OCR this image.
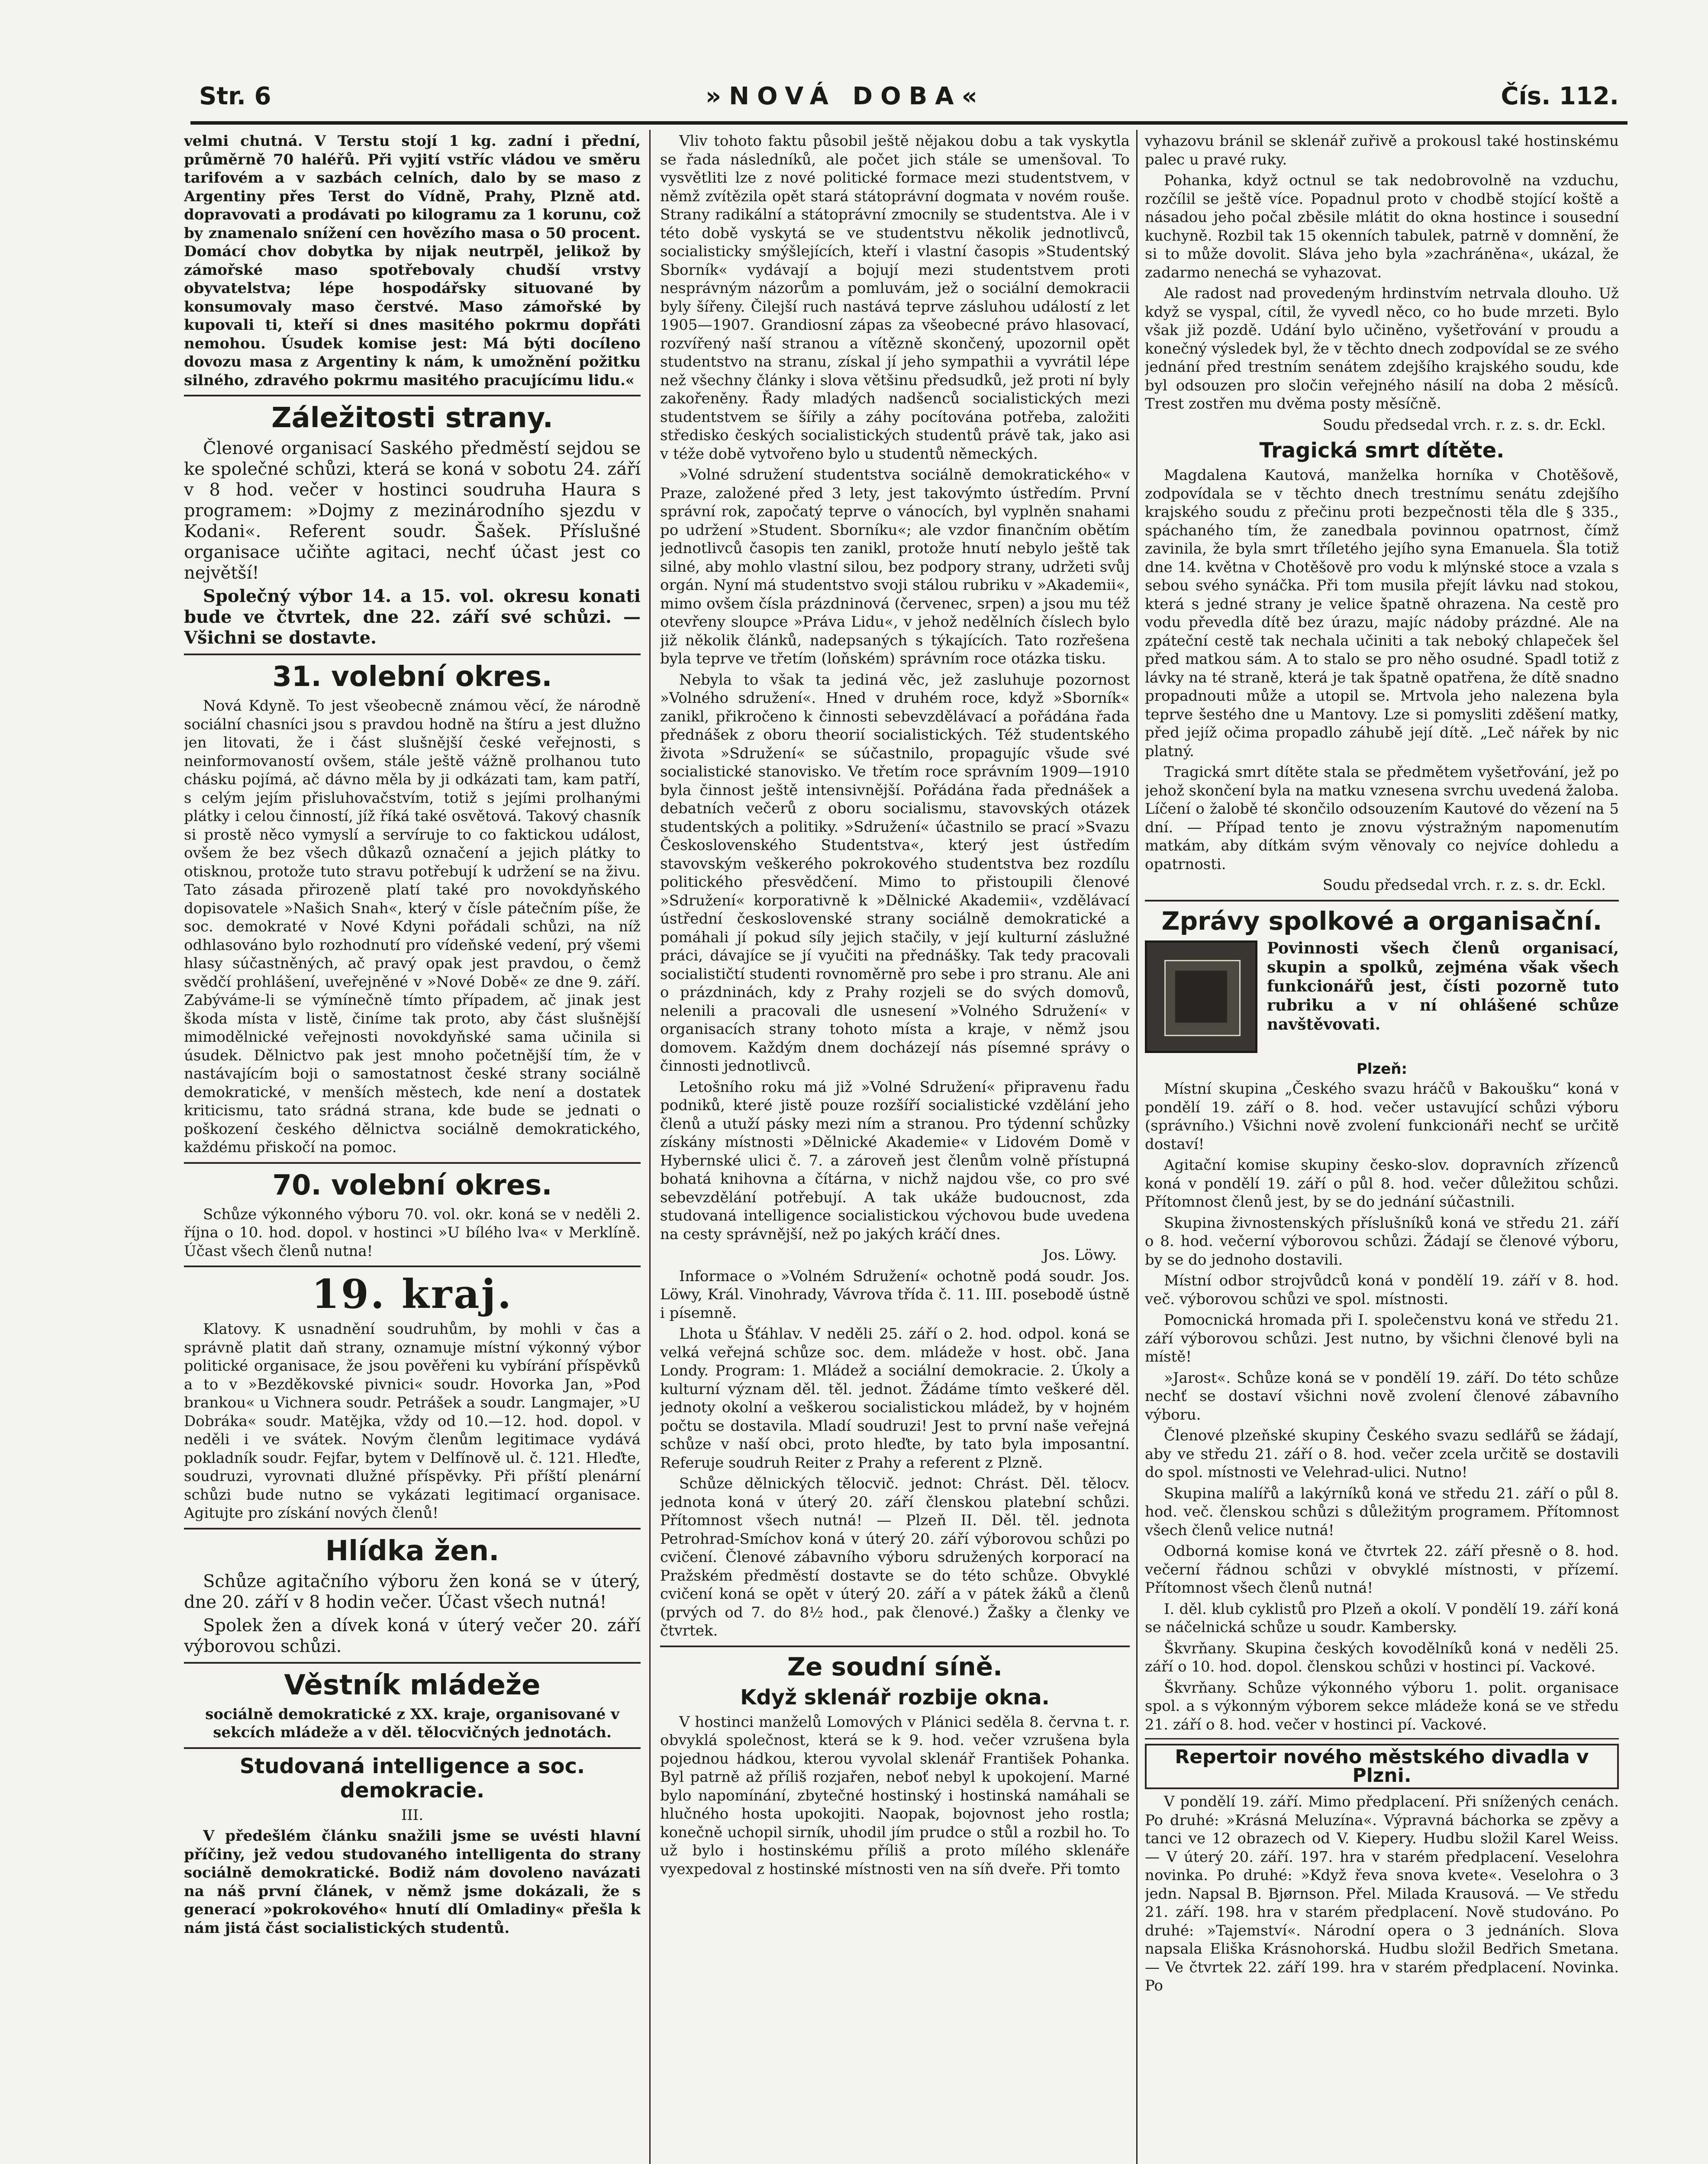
Str. 6	»NOVÁ DOBA«	Čís. 112.

velmi chutná. V Terstu stojí 1 kg. zadní i přední, průměrně 70 haléřů. Při vyjití vstříc vládou ve směru tarifovém a v sazbách celních, dalo by se maso z Argentiny přes Terst do Vídně, Prahy, Plzně atd. dopravovati a prodávati po kilogramu za 1 korunu, což by znamenalo snížení cen hovězího masa o 50 procent. Domácí chov dobytka by nijak neutrpěl, jelikož by zámořské maso spotřebovaly chudší vrstvy obyvatelstva; lépe hospodářsky situované by konsumovaly maso čerstvé. Maso zámořské by kupovali ti, kteří si dnes masitého pokrmu dopřáti nemohou. Úsudek komise jest: Má býti docíleno dovozu masa z Argentiny k nám, k umožnění požitku silného, zdravého pokrmu masitého pracujícímu lidu.«

Záležitosti strany.

Členové organisací Saského předměstí sejdou se ke společné schůzi, která se koná v sobotu 24. září v 8 hod. večer v hostinci soudruha Haura s programem: »Dojmy z mezinárodního sjezdu v Kodani«. Referent soudr. Šašek. Příslušné organisace učiňte agitaci, nechť účast jest co největší!

Společný výbor 14. a 15. vol. okresu konati bude ve čtvrtek, dne 22. září své schůzi. — Všichni se dostavte.

31. volební okres.

Nová Kdyně. To jest všeobecně známou věcí, že národně sociální chasníci jsou s pravdou hodně na štíru a jest dlužno jen litovati, že i část slušnější české veřejnosti, s neinformovaností ovšem, stále ještě vážně prolhanou tuto chásku pojímá, ač dávno měla by ji odkázati tam, kam patří, s celým jejím přisluhovačstvím, totiž s jejími prolhanými plátky i celou činností, jíž říká také osvětová. Takový chasník si prostě něco vymyslí a servíruje to co faktickou událost, ovšem že bez všech důkazů označení a jejich plátky to otisknou, protože tuto stravu potřebují k udržení se na živu. Tato zásada přirozeně platí také pro novokdyňského dopisovatele »Našich Snah«, který v čísle pátečním píše, že soc. demokraté v Nové Kdyni pořádali schůzi, na níž odhlasováno bylo rozhodnutí pro vídeňské vedení, prý všemi hlasy súčastněných, ač pravý opak jest pravdou, o čemž svědčí prohlášení, uveřejněné v »Nové Době« ze dne 9. září. Zabýváme-li se výmínečně tímto případem, ač jinak jest škoda místa v listě, činíme tak proto, aby část slušnější mimodělnické veřejnosti novokdyňské sama učinila si úsudek. Dělnictvo pak jest mnoho početnější tím, že v nastávajícím boji o samostatnost české strany sociálně demokratické, v menších městech, kde není a dostatek kriticismu, tato srádná strana, kde bude se jednati o poškození českého dělnictva sociálně demokratického, každému přiskočí na pomoc.

70. volební okres.

Schůze výkonného výboru 70. vol. okr. koná se v neděli 2. října o 10. hod. dopol. v hostinci »U bílého lva« v Merklíně. Účast všech členů nutna!

19. kraj.

Klatovy. K usnadnění soudruhům, by mohli v čas a správně platit daň strany, oznamuje místní výkonný výbor politické organisace, že jsou pověřeni ku vybírání příspěvků a to v »Bezděkovské pivnici« soudr. Hovorka Jan, »Pod brankou« u Vichnera soudr. Petrášek a soudr. Langmajer, »U Dobráka« soudr. Matějka, vždy od 10.—12. hod. dopol. v neděli i ve svátek. Novým členům legitimace vydává pokladník soudr. Fejfar, bytem v Delfínově ul. č. 121. Hleďte, soudruzi, vyrovnati dlužné příspěvky. Při příští plenární schůzi bude nutno se vykázati legitimací organisace. Agitujte pro získání nových členů!

Hlídka žen.

Schůze agitačního výboru žen koná se v úterý, dne 20. září v 8 hodin večer. Účast všech nutná!

Spolek žen a dívek koná v úterý večer 20. září výborovou schůzi.

Věstník mládeže

sociálně demokratické z XX. kraje, organisované v sekcích mládeže a v děl. tělocvičných jednotách.

Studovaná intelligence a soc. demokracie.

III.

V předešlém článku snažili jsme se uvésti hlavní příčiny, jež vedou studovaného intelligenta do strany sociálně demokratické. Bodiž nám dovoleno navázati na náš první článek, v němž jsme dokázali, že s generací »pokrokového« hnutí dlí Omladiny« přešla k nám jistá část socialistických studentů.

Vliv tohoto faktu působil ještě nějakou dobu a tak vyskytla se řada následníků, ale počet jich stále se umenšoval. To vysvětliti lze z nové politické formace mezi studentstvem, v němž zvítězila opět stará státoprávní dogmata v novém rouše. Strany radikální a státoprávní zmocnily se studentstva. Ale i v této době vyskytá se ve studentstvu několik jednotlivců, socialisticky smýšlejících, kteří i vlastní časopis »Studentský Sborník« vydávají a bojují mezi studentstvem proti nesprávným názorům a pomluvám, jež o sociální demokracii byly šířeny. Čilejší ruch nastává teprve zásluhou událostí z let 1905—1907. Grandiosní zápas za všeobecné právo hlasovací, rozvířený naší stranou a vítězně skončený, upozornil opět studentstvo na stranu, získal jí jeho sympathii a vyvrátil lépe než všechny články i slova většinu předsudků, jež proti ní byly zakořeněny. Řady mladých nadšenců socialistických mezi studentstvem se šířily a záhy pocítována potřeba, založiti středisko českých socialistických studentů právě tak, jako asi v téže době vytvořeno bylo u studentů německých.

»Volné sdružení studentstva sociálně demokratického« v Praze, založené před 3 lety, jest takovýmto ústředím. První správní rok, započatý teprve o vánocích, byl vyplněn snahami po udržení »Student. Sborníku«; ale vzdor finančním obětím jednotlivců časopis ten zanikl, protože hnutí nebylo ještě tak silné, aby mohlo vlastní silou, bez podpory strany, udržeti svůj orgán. Nyní má studentstvo svoji stálou rubriku v »Akademii«, mimo ovšem čísla prázdninová (červenec, srpen) a jsou mu též otevřeny sloupce »Práva Lidu«, v jehož nedělních číslech bylo již několik článků, nadepsaných s týkajících. Tato rozřešena byla teprve ve třetím (loňském) správním roce otázka tisku.

Nebyla to však ta jediná věc, jež zasluhuje pozornost »Volného sdružení«. Hned v druhém roce, když »Sborník« zanikl, přikročeno k činnosti sebevzdělávací a pořádána řada přednášek z oboru theorií socialistických. Též studentského života »Sdružení« se súčastnilo, propagujíc všude své socialistické stanovisko. Ve třetím roce správním 1909—1910 byla činnost ještě intensivnější. Pořádána řada přednášek a debatních večerů z oboru socialismu, stavovských otázek studentských a politiky. »Sdružení« účastnilo se prací »Svazu Československého Studentstva«, který jest ústředím stavovským veškerého pokrokového studentstva bez rozdílu politického přesvědčení. Mimo to přistoupili členové »Sdružení« korporativně k »Dělnické Akademii«, vzdělávací ústřední československé strany sociálně demokratické a pomáhali jí pokud síly jejich stačily, v její kulturní záslužné práci, dávajíce se jí vyučiti na přednášky. Tak tedy pracovali socialističtí studenti rovnoměrně pro sebe i pro stranu. Ale ani o prázdninách, kdy z Prahy rozjeli se do svých domovů, nelenili a pracovali dle usnesení »Volného Sdružení« v organisacích strany tohoto místa a kraje, v němž jsou domovem. Každým dnem docházejí nás písemné správy o činnosti jednotlivců.

Letošního roku má již »Volné Sdružení« připravenu řadu podniků, které jistě pouze rozšíří socialistické vzdělání jeho členů a utuží pásky mezi ním a stranou. Pro týdenní schůzky získány místnosti »Dělnické Akademie« v Lidovém Domě v Hybernské ulici č. 7. a zároveň jest členům volně přístupná bohatá knihovna a čítárna, v nichž najdou vše, co pro své sebevzdělání potřebují. A tak ukáže budoucnost, zda studovaná intelligence socialistickou výchovou bude uvedena na cesty správnější, než po jakých kráčí dnes.

Jos. Löwy.

Informace o »Volném Sdružení« ochotně podá soudr. Jos. Löwy, Král. Vinohrady, Vávrova třída č. 11. III. posebodě ústně i písemně.

Lhota u Šťáhlav. V neděli 25. září o 2. hod. odpol. koná se velká veřejná schůze soc. dem. mládeže v host. obč. Jana Londy. Program: 1. Mládež a sociální demokracie. 2. Úkoly a kulturní význam děl. těl. jednot. Žádáme tímto veškeré děl. jednoty okolní a veškerou socialistickou mládež, by v hojném počtu se dostavila. Mladí soudruzi! Jest to první naše veřejná schůze v naší obci, proto hleďte, by tato byla imposantní. Referuje soudruh Reiter z Prahy a referent z Plzně.

Schůze dělnických tělocvič. jednot: Chrást. Děl. tělocv. jednota koná v úterý 20. září členskou platební schůzi. Přítomnost všech nutná! — Plzeň II. Děl. těl. jednota Petrohrad-Smíchov koná v úterý 20. září výborovou schůzi po cvičení. Členové zábavního výboru sdružených korporací na Pražském předměstí dostavte se do této schůze. Obvyklé cvičení koná se opět v úterý 20. září a v pátek žáků a členů (prvých od 7. do 8½ hod., pak členové.) Žašky a členky ve čtvrtek.

Ze soudní síně.
Když sklenář rozbije okna.

V hostinci manželů Lomových v Plánici seděla 8. června t. r. obvyklá společnost, která se k 9. hod. večer vzrušena byla pojednou hádkou, kterou vyvolal sklenář František Pohanka. Byl patrně až příliš rozjařen, neboť nebyl k upokojení. Marné bylo napomínání, zbytečné hostinský i hostinská namáhali se hlučného hosta upokojiti. Naopak, bojovnost jeho rostla; konečně uchopil sirník, uhodil jím prudce o stůl a rozbil ho. To už bylo i hostinskému příliš a proto mílého sklenáře vyexpedoval z hostinské místnosti ven na síň dveře. Při tomto

vyhazovu bránil se sklenář zuřivě a prokousl také hostinskému palec u pravé ruky.

Pohanka, když octnul se tak nedobrovolně na vzduchu, rozčílil se ještě více. Popadnul proto v chodbě stojící koště a násadou jeho počal zběsile mlátit do okna hostince i sousední kuchyně. Rozbil tak 15 okenních tabulek, patrně v domnění, že si to může dovolit. Sláva jeho byla »zachráněna«, ukázal, že zadarmo nenechá se vyhazovat.

Ale radost nad provedeným hrdinstvím netrvala dlouho. Už když se vyspal, cítil, že vyvedl něco, co ho bude mrzeti. Bylo však již pozdě. Udání bylo učiněno, vyšetřování v proudu a konečný výsledek byl, že v těchto dnech zodpovídal se ze svého jednání před trestním senátem zdejšího krajského soudu, kde byl odsouzen pro sločin veřejného násilí na doba 2 měsíců. Trest zostřen mu dvěma posty měsíčně.

Soudu předsedal vrch. r. z. s. dr. Eckl.

Tragická smrt dítěte.

Magdalena Kautová, manželka horníka v Chotěšově, zodpovídala se v těchto dnech trestnímu senátu zdejšího krajského soudu z přečinu proti bezpečnosti těla dle § 335., spáchaného tím, že zanedbala povinnou opatrnost, čímž zavinila, že byla smrt tříletého jejího syna Emanuela. Šla totiž dne 14. května v Chotěšově pro vodu k mlýnské stoce a vzala s sebou svého synáčka. Při tom musila přejít lávku nad stokou, která s jedné strany je velice špatně ohrazena. Na cestě pro vodu převedla dítě bez úrazu, majíc nádoby prázdné. Ale na zpáteční cestě tak nechala učiniti a tak neboký chlapeček šel před matkou sám. A to stalo se pro něho osudné. Spadl totiž z lávky na té straně, která je tak špatně opatřena, že dítě snadno propadnouti může a utopil se. Mrtvola jeho nalezena byla teprve šestého dne u Mantovy. Lze si pomysliti zděšení matky, před jejíž očima propadlo záhubě její dítě. „Leč nářek by nic platný.

Tragická smrt dítěte stala se předmětem vyšetřování, jež po jehož skončení byla na matku vznesena svrchu uvedená žaloba. Líčení o žalobě té skončilo odsouzením Kautové do vězení na 5 dní. — Případ tento je znovu výstražným napomenutím matkám, aby dítkám svým věnovaly co nejvíce dohledu a opatrnosti.

Soudu předsedal vrch. r. z. s. dr. Eckl.

Zprávy spolkové a organisační.
Povinnosti všech členů organisací, skupin a spolků, zejména však všech funkcionářů jest, čísti pozorně tuto rubriku a v ní ohlášené schůze navštěvovati.
Plzeň:

Místní skupina „Českého svazu hráčů v Bakoušku“ koná v pondělí 19. září o 8. hod. večer ustavující schůzi výboru (správního.) Všichni nově zvolení funkcionáři nechť se určitě dostaví!

Agitační komise skupiny česko-slov. dopravních zřízenců koná v pondělí 19. září o půl 8. hod. večer důležitou schůzi. Přítomnost členů jest, by se do jednání súčastnili.

Skupina živnostenských příslušníků koná ve středu 21. září o 8. hod. večerní výborovou schůzi. Žádají se členové výboru, by se do jednoho dostavili.

Místní odbor strojvůdců koná v pondělí 19. září v 8. hod. več. výborovou schůzi ve spol. místnosti.

Pomocnická hromada při I. společenstvu koná ve středu 21. září výborovou schůzi. Jest nutno, by všichni členové byli na místě!

»Jarost«. Schůze koná se v pondělí 19. září. Do této schůze nechť se dostaví všichni nově zvolení členové zábavního výboru.

Členové plzeňské skupiny Českého svazu sedlářů se žádají, aby ve středu 21. září o 8. hod. večer zcela určitě se dostavili do spol. místnosti ve Velehrad-ulici. Nutno!

Skupina malířů a lakýrníků koná ve středu 21. září o půl 8. hod. več. členskou schůzi s důležitým programem. Přítomnost všech členů velice nutná!

Odborná komise koná ve čtvrtek 22. září přesně o 8. hod. večerní řádnou schůzi v obvyklé místnosti, v přízemí. Přítomnost všech členů nutná!

I. děl. klub cyklistů pro Plzeň a okolí. V pondělí 19. září koná se náčelnická schůze u soudr. Kambersky.

Škvrňany. Skupina českých kovodělníků koná v neděli 25. září o 10. hod. dopol. členskou schůzi v hostinci pí. Vackové.

Škvrňany. Schůze výkonného výboru 1. polit. organisace spol. a s výkonným výborem sekce mládeže koná se ve středu 21. září o 8. hod. večer v hostinci pí. Vackové.

Repertoir nového městského divadla v Plzni.

V pondělí 19. září. Mimo předplacení. Při snížených cenách. Po druhé: »Krásná Meluzína«. Výpravná báchorka se zpěvy a tanci ve 12 obrazech od V. Kiepery. Hudbu složil Karel Weiss. — V úterý 20. září. 197. hra v starém předplacení. Veselohra novinka. Po druhé: »Když řeva snova kvete«. Veselohra o 3 jedn. Napsal B. Bjørnson. Přel. Milada Krausová. — Ve středu 21. září. 198. hra v starém předplacení. Nově studováno. Po druhé: »Tajemství«. Národní opera o 3 jednáních. Slova napsala Eliška Krásnohorská. Hudbu složil Bedřich Smetana. — Ve čtvrtek 22. září 199. hra v starém předplacení. Novinka. Po
